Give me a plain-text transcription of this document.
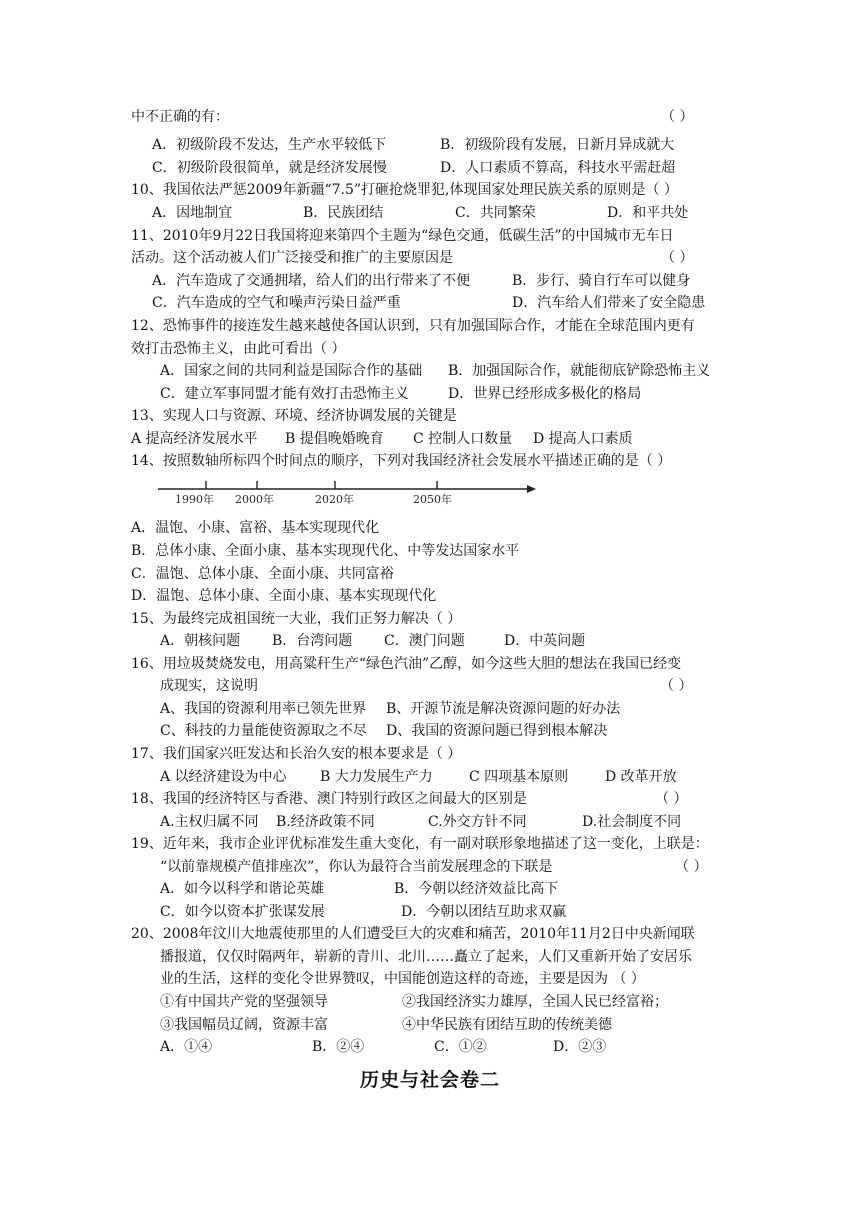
中不正确的有：
A．初级阶段不发达，生产水平较低下	B．初级阶段有发展，日新月异成就大
C．初级阶段很简单，就是经济发展慢	D．人口素质不算高，科技水平需赶超
10、我国依法严惩2009年新疆“7.5”打砸抢烧罪犯,体现国家处理民族关系的原则是（ ）
A．因地制宜	B．民族团结	C．共同繁荣	D．和平共处
11、2010年9月22日我国将迎来第四个主题为“绿色交通，低碳生活”的中国城市无车日
活动。这个活动被人们广泛接受和推广的主要原因是
A．汽车造成了交通拥堵，给人们的出行带来了不便	B．步行、骑自行车可以健身
C．汽车造成的空气和噪声污染日益严重	D．汽车给人们带来了安全隐患
12、恐怖事件的接连发生越来越使各国认识到，只有加强国际合作，才能在全球范围内更有
效打击恐怖主义，由此可看出（ ）
A．国家之间的共同利益是国际合作的基础 B．加强国际合作，就能彻底铲除恐怖主义
C．建立军事同盟才能有效打击恐怖主义	D．世界已经形成多极化的格局
13、实现人口与资源、环境、经济协调发展的关键是
A 提高经济发展水平 B 提倡晚婚晚育 C 控制人口数量 D 提高人口素质
14、按照数轴所标四个时间点的顺序，下列对我国经济社会发展水平描述正确的是（ ）
A．温饱、小康、富裕、基本实现现代化
B．总体小康、全面小康、基本实现现代化、中等发达国家水平
C．温饱、总体小康、全面小康、共同富裕
D．温饱、总体小康、全面小康、基本实现现代化
15、为最终完成祖国统一大业，我们正努力解决（ ）
A．朝核问题 B．台湾问题 C．澳门问题	D．中英问题
16、用垃圾焚烧发电，用高粱秆生产“绿色汽油”乙醇，如今这些大胆的想法在我国已经变
成现实，这说明
A、我国的资源利用率已领先世界 B、开源节流是解决资源问题的好办法
C、科技的力量能使资源取之不尽 D、我国的资源问题已得到根本解决
17、我们国家兴旺发达和长治久安的根本要求是（ ）
A 以经济建设为中心 B 大力发展生产力	C 四项基本原则	D 改革开放
18、我国的经济特区与香港、澳门特别行政区之间最大的区别是
A.主权归属不同 B.经济政策不同	C.外交方针不同	D.社会制度不同
19、近年来，我市企业评优标准发生重大变化，有一副对联形象地描述了这一变化，上联是：
“以前靠规模产值排座次”，你认为最符合当前发展理念的下联是
A．如今以科学和谐论英雄	B．今朝以经济效益比高下
C．如今以资本扩张谋发展	D．今朝以团结互助求双赢
20、2008年汶川大地震使那里的人们遭受巨大的灾难和痛苦，2010年11月2日中央新闻联
播报道，仅仅时隔两年，崭新的青川、北川……矗立了起来，人们又重新开始了安居乐
业的生活，这样的变化令世界赞叹，中国能创造这样的奇迹，主要是因为 （ ）
①有中国共产党的坚强领导	②我国经济实力雄厚，全国人民已经富裕；
③我国幅员辽阔，资源丰富	④中华民族有团结互助的传统美德
A．①④	B．②④	C．①②	D．②③
（ ）
（ ）
（ ）
（ ）
（ ）
1990年 2000年	2020年	2050年
历史与社会卷二
